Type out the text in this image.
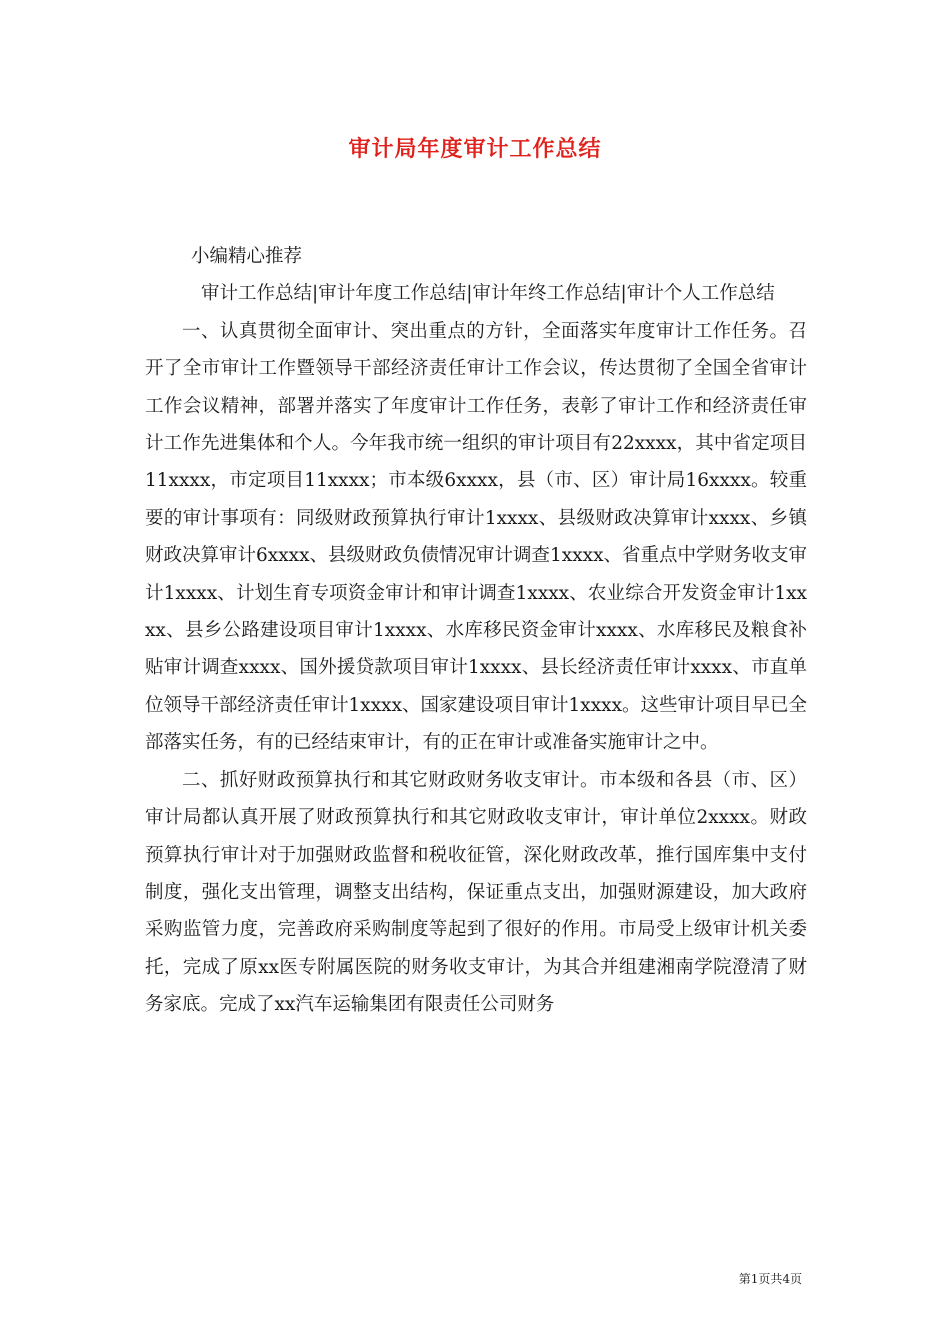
审计局年度审计工作总结

小编精心推荐

审计工作总结|审计年度工作总结|审计年终工作总结|审计个人工作总结

一、认真贯彻全面审计、突出重点的方针，全面落实年度审计工作任务。召开了全市审计工作暨领导干部经济责任审计工作会议，传达贯彻了全国全省审计工作会议精神，部署并落实了年度审计工作任务，表彰了审计工作和经济责任审计工作先进集体和个人。今年我市统一组织的审计项目有22xxxx，其中省定项目11xxxx，市定项目11xxxx；市本级6xxxx，县（市、区）审计局16xxxx。较重要的审计事项有：同级财政预算执行审计1xxxx、县级财政决算审计xxxx、乡镇财政决算审计6xxxx、县级财政负债情况审计调查1xxxx、省重点中学财务收支审计1xxxx、计划生育专项资金审计和审计调查1xxxx、农业综合开发资金审计1xxxx、县乡公路建设项目审计1xxxx、水库移民资金审计xxxx、水库移民及粮食补贴审计调查xxxx、国外援贷款项目审计1xxxx、县长经济责任审计xxxx、市直单位领导干部经济责任审计1xxxx、国家建设项目审计1xxxx。这些审计项目早已全部落实任务，有的已经结束审计，有的正在审计或准备实施审计之中。

二、抓好财政预算执行和其它财政财务收支审计。市本级和各县（市、区）审计局都认真开展了财政预算执行和其它财政收支审计，审计单位2xxxx。财政预算执行审计对于加强财政监督和税收征管，深化财政改革，推行国库集中支付制度，强化支出管理，调整支出结构，保证重点支出，加强财源建设，加大政府采购监管力度，完善政府采购制度等起到了很好的作用。市局受上级审计机关委托，完成了原xx医专附属医院的财务收支审计，为其合并组建湘南学院澄清了财务家底。完成了xx汽车运输集团有限责任公司财务

第1页共4页
